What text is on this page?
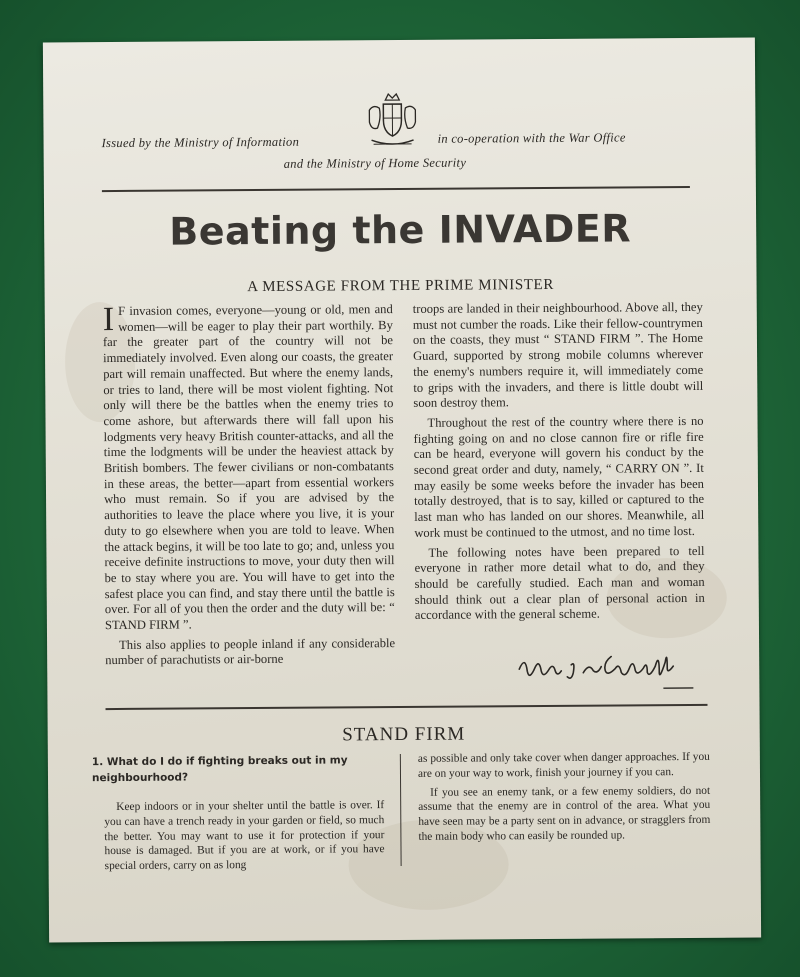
Issued by the Ministry of Information	in co-operation with the War Office
and the Ministry of Home Security
Beating the INVADER
A MESSAGE FROM THE PRIME MINISTER

I F invasion comes, everyone—young or old, men and women—will be eager to play their part worthily. By far the greater part of the country will not be immediately involved. Even along our coasts, the greater part will remain unaffected. But where the enemy lands, or tries to land, there will be most violent fighting. Not only will there be the battles when the enemy tries to come ashore, but afterwards there will fall upon his lodgments very heavy British counter-attacks, and all the time the lodgments will be under the heaviest attack by British bombers. The fewer civilians or non-combatants in these areas, the better—apart from essential workers who must remain. So if you are advised by the authorities to leave the place where you live, it is your duty to go elsewhere when you are told to leave. When the attack begins, it will be too late to go; and, unless you receive definite instructions to move, your duty then will be to stay where you are. You will have to get into the safest place you can find, and stay there until the battle is over. For all of you then the order and the duty will be: “ STAND FIRM ”.

This also applies to people inland if any considerable number of parachutists or air-borne

troops are landed in their neighbourhood. Above all, they must not cumber the roads. Like their fellow-countrymen on the coasts, they must “ STAND FIRM ”. The Home Guard, supported by strong mobile columns wherever the enemy's numbers require it, will immediately come to grips with the invaders, and there is little doubt will soon destroy them.

Throughout the rest of the country where there is no fighting going on and no close cannon fire or rifle fire can be heard, everyone will govern his conduct by the second great order and duty, namely, “ CARRY ON ”. It may easily be some weeks before the invader has been totally destroyed, that is to say, killed or captured to the last man who has landed on our shores. Meanwhile, all work must be continued to the utmost, and no time lost.

The following notes have been prepared to tell everyone in rather more detail what to do, and they should be carefully studied. Each man and woman should think out a clear plan of personal action in accordance with the general scheme.

STAND FIRM
1. What do I do if fighting breaks out in my neighbourhood?

Keep indoors or in your shelter until the battle is over. If you can have a trench ready in your garden or field, so much the better. You may want to use it for protection if your house is damaged. But if you are at work, or if you have special orders, carry on as long

as possible and only take cover when danger approaches. If you are on your way to work, finish your journey if you can.

If you see an enemy tank, or a few enemy soldiers, do not assume that the enemy are in control of the area. What you have seen may be a party sent on in advance, or stragglers from the main body who can easily be rounded up.
